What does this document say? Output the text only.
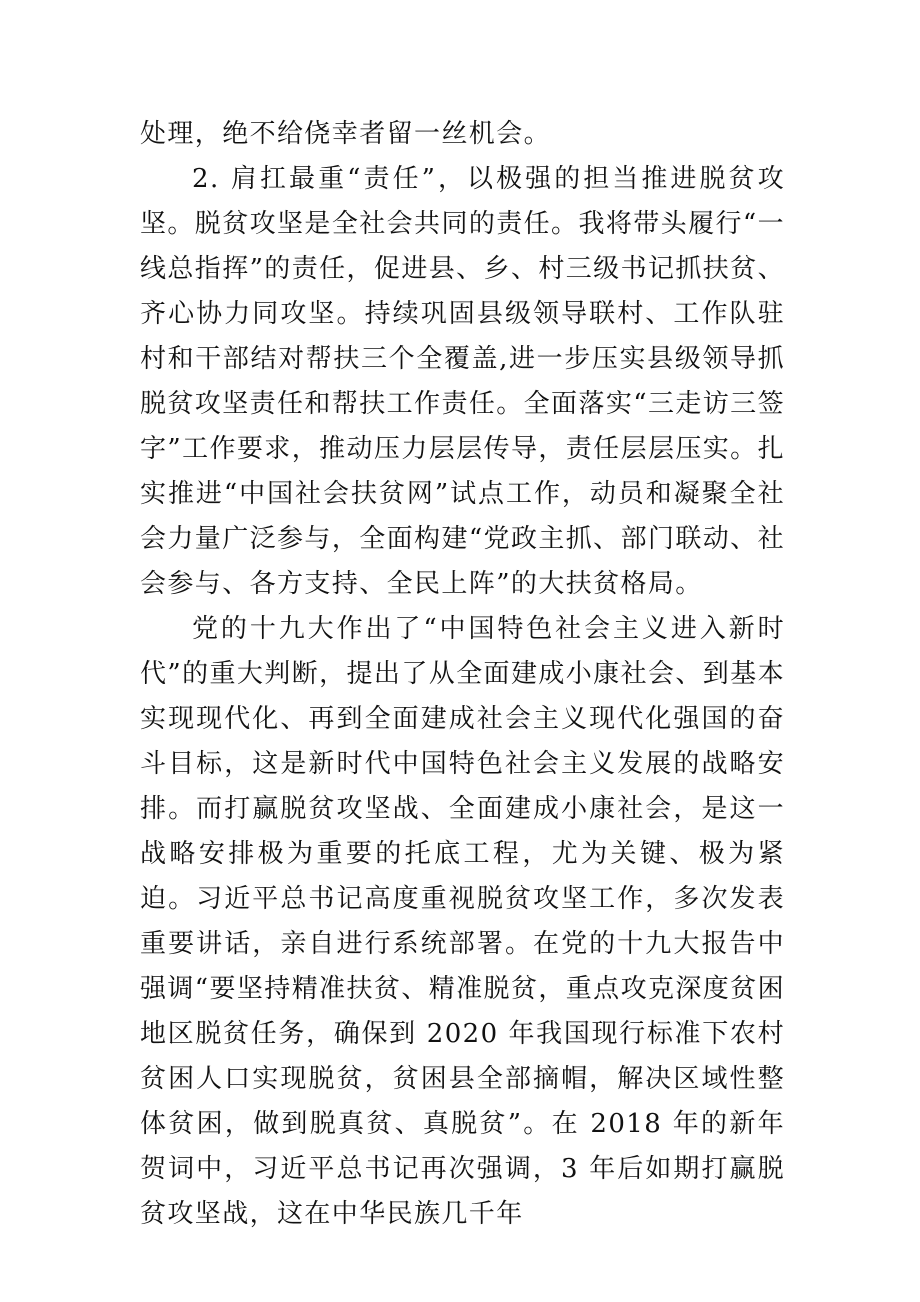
处理，绝不给侥幸者留一丝机会。

2. 肩扛最重“责任”，以极强的担当推进脱贫攻坚。脱贫攻坚是全社会共同的责任。我将带头履行“一线总指挥”的责任，促进县、乡、村三级书记抓扶贫、齐心协力同攻坚。持续巩固县级领导联村、工作队驻村和干部结对帮扶三个全覆盖,进一步压实县级领导抓脱贫攻坚责任和帮扶工作责任。全面落实“三走访三签字”工作要求，推动压力层层传导，责任层层压实。扎实推进“中国社会扶贫网”试点工作，动员和凝聚全社会力量广泛参与，全面构建“党政主抓、部门联动、社会参与、各方支持、全民上阵”的大扶贫格局。

党的十九大作出了“中国特色社会主义进入新时代”的重大判断，提出了从全面建成小康社会、到基本实现现代化、再到全面建成社会主义现代化强国的奋斗目标，这是新时代中国特色社会主义发展的战略安排。而打赢脱贫攻坚战、全面建成小康社会，是这一战略安排极为重要的托底工程，尤为关键、极为紧迫。习近平总书记高度重视脱贫攻坚工作，多次发表重要讲话，亲自进行系统部署。在党的十九大报告中强调“要坚持精准扶贫、精准脱贫，重点攻克深度贫困地区脱贫任务，确保到 2020 年我国现行标准下农村贫困人口实现脱贫，贫困县全部摘帽，解决区域性整体贫困，做到脱真贫、真脱贫”。在 2018 年的新年贺词中，习近平总书记再次强调，3 年后如期打赢脱贫攻坚战，这在中华民族几千年
